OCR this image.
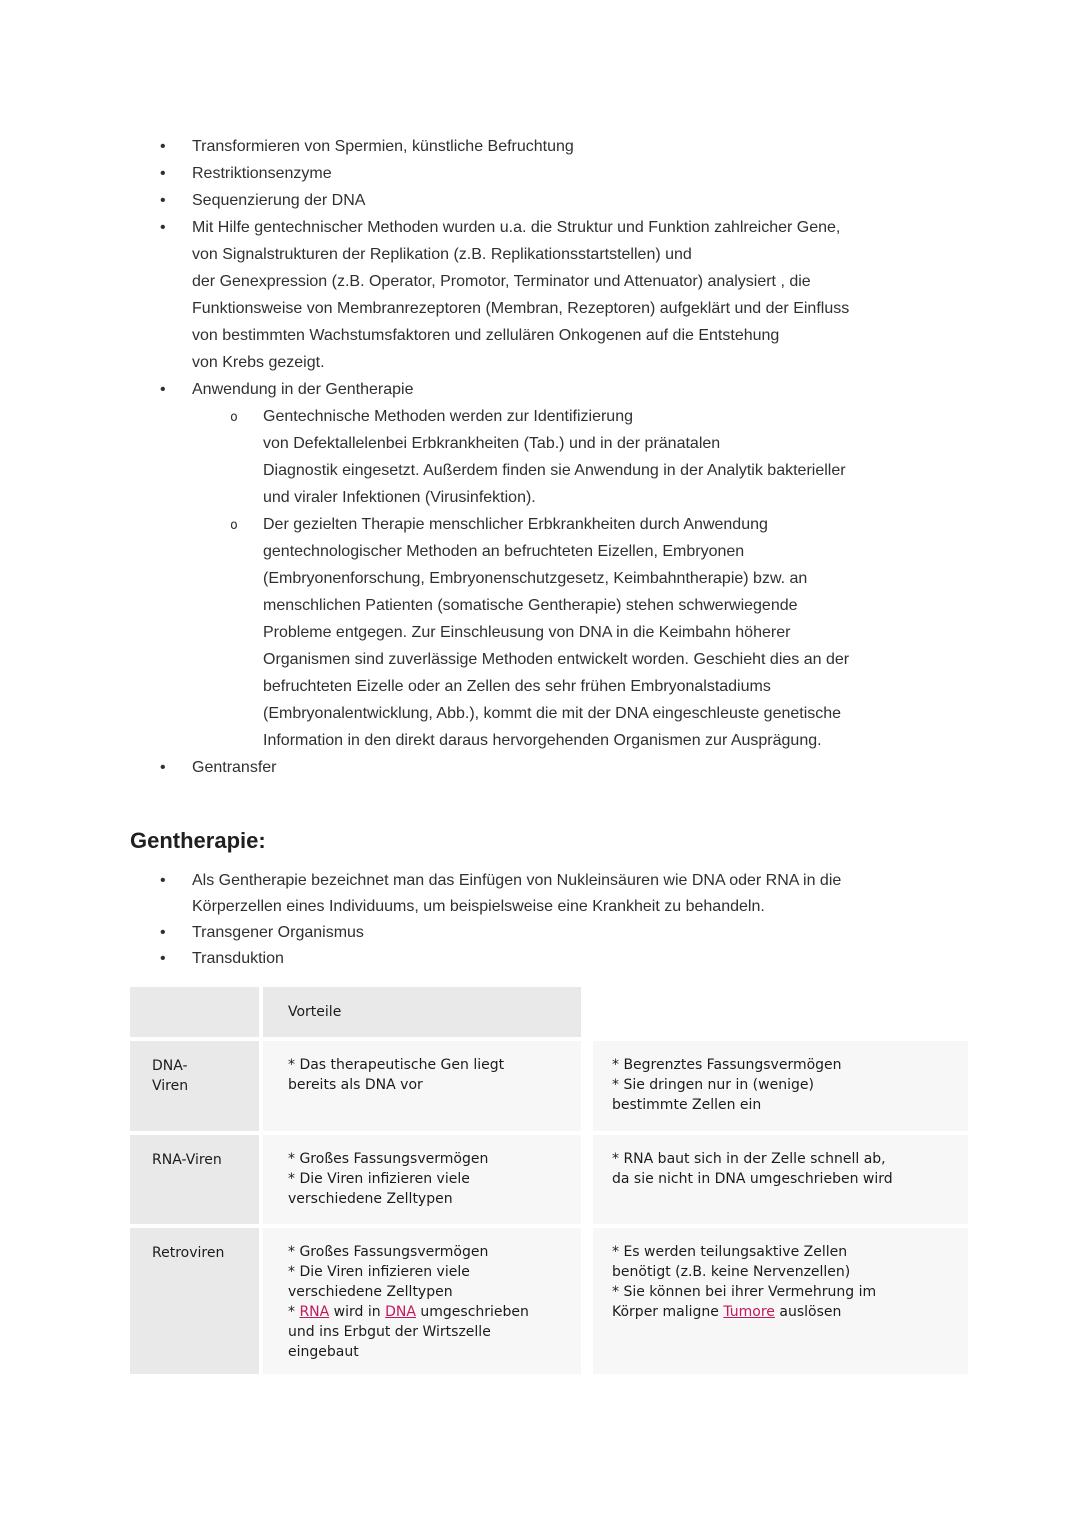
• Transformieren von Spermien, künstliche Befruchtung
• Restriktionsenzyme
• Sequenzierung der DNA
• Mit Hilfe gentechnischer Methoden wurden u.a. die Struktur und Funktion zahlreicher Gene,
von Signalstrukturen der Replikation (z.B. Replikationsstartstellen) und
der Genexpression (z.B. Operator, Promotor, Terminator und Attenuator) analysiert , die
Funktionsweise von Membranrezeptoren (Membran, Rezeptoren) aufgeklärt und der Einfluss
von bestimmten Wachstumsfaktoren und zellulären Onkogenen auf die Entstehung
von Krebs gezeigt.
• Anwendung in der Gentherapie
o Gentechnische Methoden werden zur Identifizierung
von Defektallelenbei Erbkrankheiten (Tab.) und in der pränatalen
Diagnostik eingesetzt. Außerdem finden sie Anwendung in der Analytik bakterieller
und viraler Infektionen (Virusinfektion).
o Der gezielten Therapie menschlicher Erbkrankheiten durch Anwendung
gentechnologischer Methoden an befruchteten Eizellen, Embryonen
(Embryonenforschung, Embryonenschutzgesetz, Keimbahntherapie) bzw. an
menschlichen Patienten (somatische Gentherapie) stehen schwerwiegende
Probleme entgegen. Zur Einschleusung von DNA in die Keimbahn höherer
Organismen sind zuverlässige Methoden entwickelt worden. Geschieht dies an der
befruchteten Eizelle oder an Zellen des sehr frühen Embryonalstadiums
(Embryonalentwicklung, Abb.), kommt die mit der DNA eingeschleuste genetische
Information in den direkt daraus hervorgehenden Organismen zur Ausprägung.
• Gentransfer
Gentherapie:
• Als Gentherapie bezeichnet man das Einfügen von Nukleinsäuren wie DNA oder RNA in die
Körperzellen eines Individuums, um beispielsweise eine Krankheit zu behandeln.
• Transgener Organismus
• Transduktion
Vorteile
DNA-
Viren
* Das therapeutische Gen liegt
bereits als DNA vor
* Begrenztes Fassungsvermögen
* Sie dringen nur in (wenige)
bestimmte Zellen ein
RNA-Viren	* Großes Fassungsvermögen
* Die Viren infizieren viele
verschiedene Zelltypen
* RNA baut sich in der Zelle schnell ab,
da sie nicht in DNA umgeschrieben wird
Retroviren	* Großes Fassungsvermögen
* Die Viren infizieren viele
verschiedene Zelltypen
* RNA wird in DNA umgeschrieben
und ins Erbgut der Wirtszelle
eingebaut
* Es werden teilungsaktive Zellen
benötigt (z.B. keine Nervenzellen)
* Sie können bei ihrer Vermehrung im
Körper maligne Tumore auslösen
